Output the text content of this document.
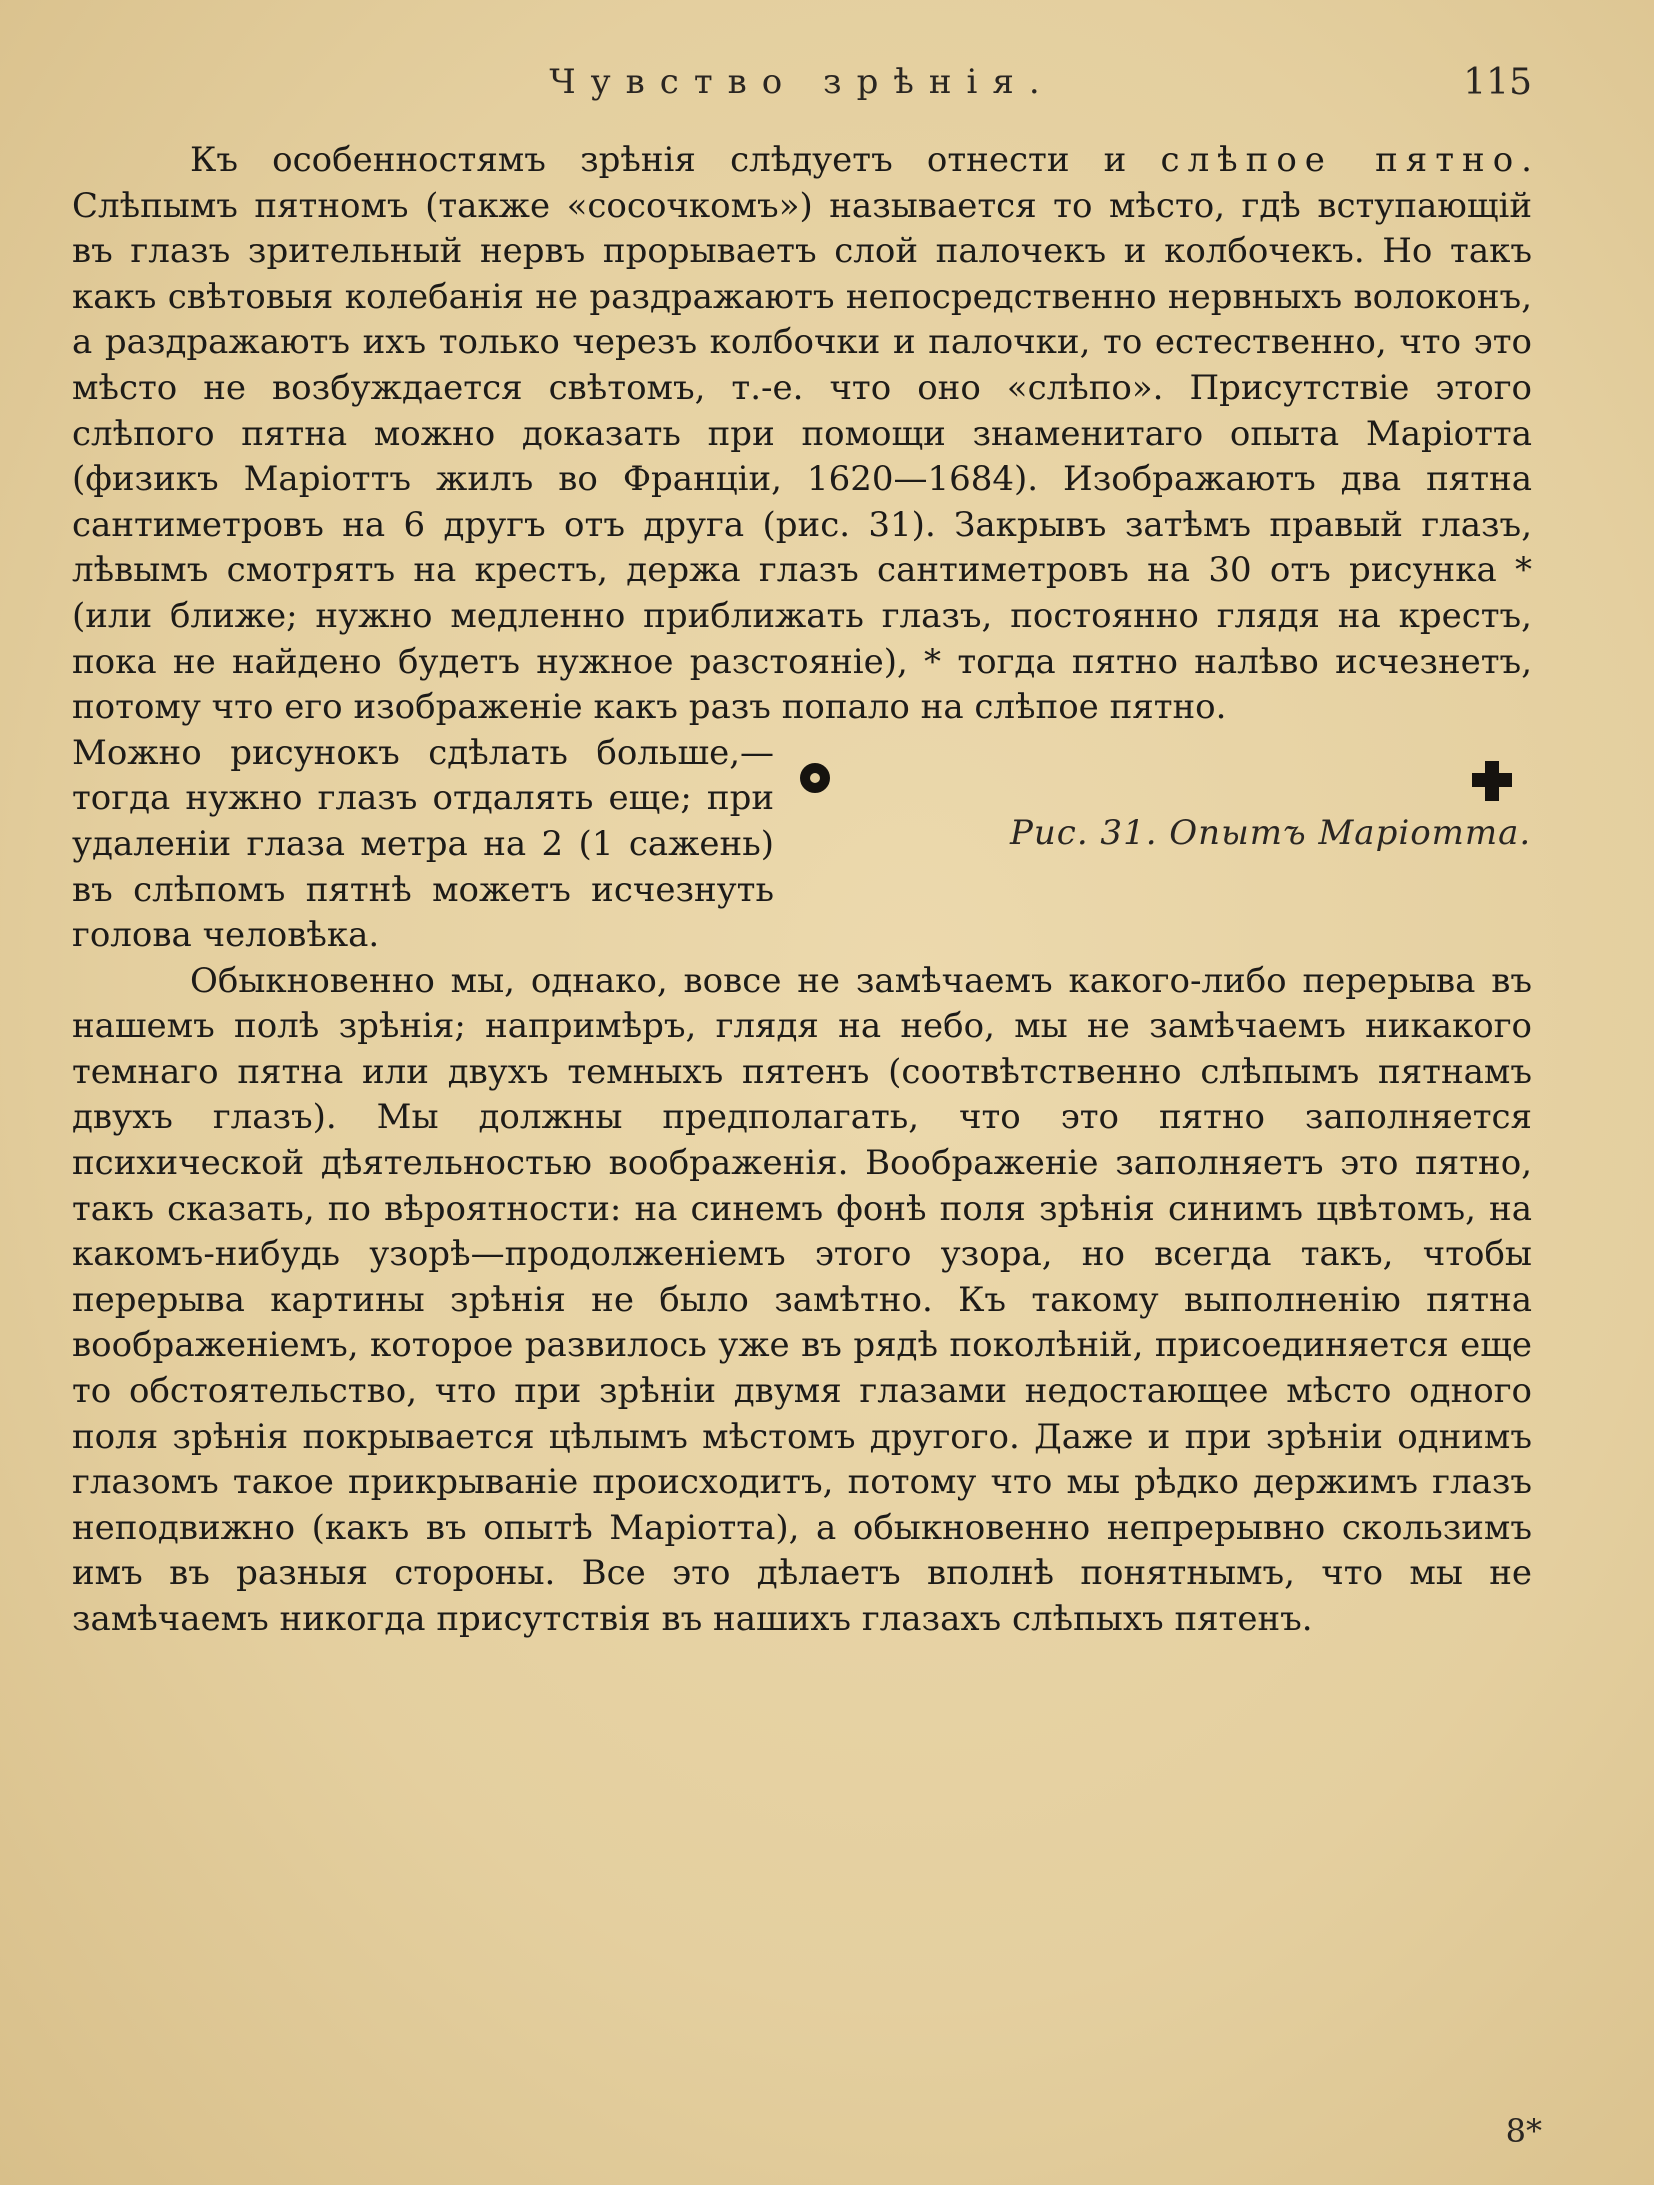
Чувство зрѣнія.	115

Къ особенностямъ зрѣнія слѣдуетъ отнести и слѣпое пятно. Слѣпымъ пятномъ (также «сосочкомъ») называется то мѣсто, гдѣ вступающій въ глазъ зрительный нервъ прорываетъ слой палочекъ и колбочекъ. Но такъ какъ свѣтовыя колебанія не раздражаютъ непосредственно нервныхъ волоконъ, а раздражаютъ ихъ только черезъ колбочки и палочки, то естественно, что это мѣсто не возбуждается свѣтомъ, т.-е. что оно «слѣпо». Присутствіе этого слѣпого пятна можно доказать при помощи знаменитаго опыта Маріотта (физикъ Маріоттъ жилъ во Франціи, 1620—1684). Изображаютъ два пятна сантиметровъ на 6 другъ отъ друга (рис. 31). Закрывъ затѣмъ правый глазъ, лѣвымъ смотрятъ на крестъ, держа глазъ сантиметровъ на 30 отъ рисунка * (или ближе; нужно медленно приближать глазъ, постоянно глядя на крестъ, пока не найдено будетъ нужное разстояніе), * тогда пятно налѣво исчезнетъ, потому что его изображеніе какъ разъ попало на слѣпое пятно.

Рис. 31. Опытъ Маріотта.
Можно рисунокъ сдѣлать больше,—тогда нужно глазъ отдалять еще; при удаленіи глаза метра на 2 (1 сажень) въ слѣпомъ пятнѣ можетъ исчезнуть голова человѣка.

Обыкновенно мы, однако, вовсе не замѣчаемъ какого-либо перерыва въ нашемъ полѣ зрѣнія; напримѣръ, глядя на небо, мы не замѣчаемъ никакого темнаго пятна или двухъ темныхъ пятенъ (соотвѣтственно слѣпымъ пятнамъ двухъ глазъ). Мы должны предполагать, что это пятно заполняется психической дѣятельностью воображенія. Воображеніе заполняетъ это пятно, такъ сказать, по вѣроятности: на синемъ фонѣ поля зрѣнія синимъ цвѣтомъ, на какомъ-нибудь узорѣ—продолженіемъ этого узора, но всегда такъ, чтобы перерыва картины зрѣнія не было замѣтно. Къ такому выполненію пятна воображеніемъ, которое развилось уже въ рядѣ поколѣній, присоединяется еще то обстоятельство, что при зрѣніи двумя глазами недостающее мѣсто одного поля зрѣнія покрывается цѣлымъ мѣстомъ другого. Даже и при зрѣніи однимъ глазомъ такое прикрываніе происходитъ, потому что мы рѣдко держимъ глазъ неподвижно (какъ въ опытѣ Маріотта), а обыкновенно непрерывно скользимъ имъ въ разныя стороны. Все это дѣлаетъ вполнѣ понятнымъ, что мы не замѣчаемъ никогда присутствія въ нашихъ глазахъ слѣпыхъ пятенъ.

8*
